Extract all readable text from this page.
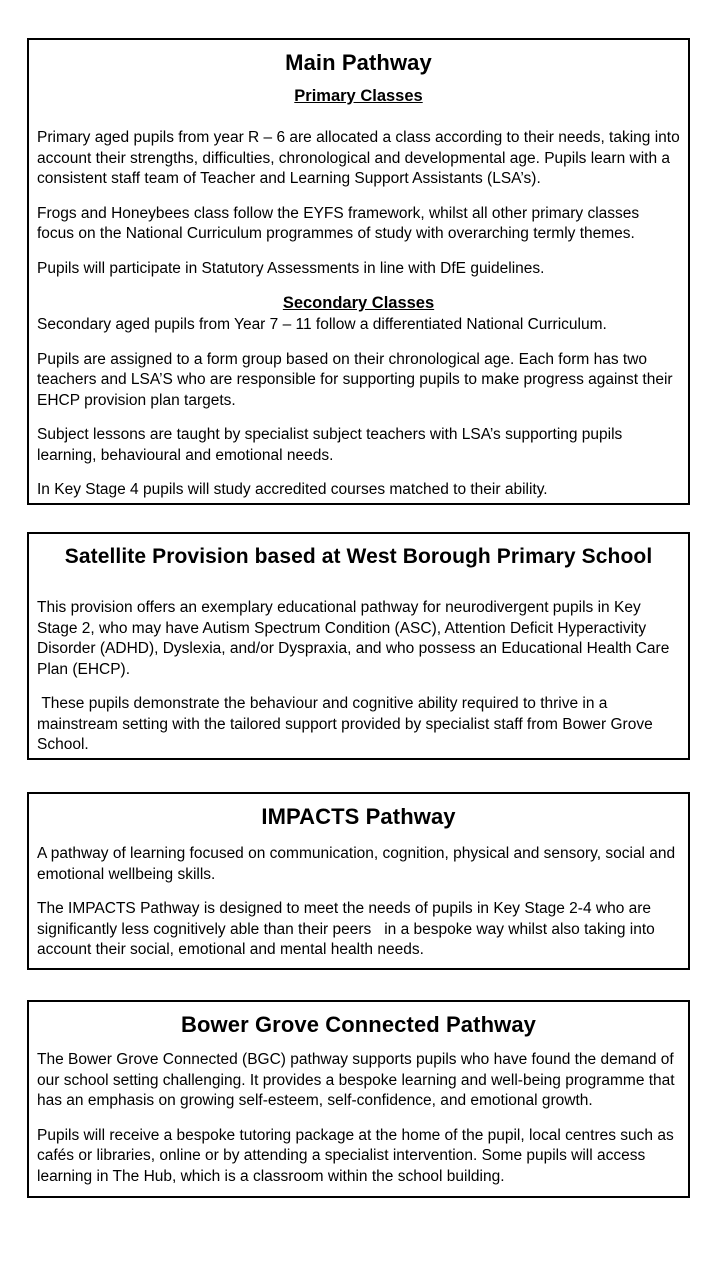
Main Pathway
Primary Classes

Primary aged pupils from year R – 6 are allocated a class according to their needs, taking into account their strengths, difficulties, chronological and developmental age. Pupils learn with a consistent staff team of Teacher and Learning Support Assistants (LSA’s).

Frogs and Honeybees class follow the EYFS framework, whilst all other primary classes focus on the National Curriculum programmes of study with overarching termly themes.

Pupils will participate in Statutory Assessments in line with DfE guidelines.

Secondary Classes

Secondary aged pupils from Year 7 – 11 follow a differentiated National Curriculum.

Pupils are assigned to a form group based on their chronological age. Each form has two teachers and LSA’S who are responsible for supporting pupils to make progress against their EHCP provision plan targets.

Subject lessons are taught by specialist subject teachers with LSA’s supporting pupils learning, behavioural and emotional needs.

In Key Stage 4 pupils will study accredited courses matched to their ability.

Satellite Provision based at West Borough Primary School

This provision offers an exemplary educational pathway for neurodivergent pupils in Key Stage 2, who may have Autism Spectrum Condition (ASC), Attention Deficit Hyperactivity Disorder (ADHD), Dyslexia, and/or Dyspraxia, and who possess an Educational Health Care Plan (EHCP).

These pupils demonstrate the behaviour and cognitive ability required to thrive in a mainstream setting with the tailored support provided by specialist staff from Bower Grove School.

IMPACTS Pathway

A pathway of learning focused on communication, cognition, physical and sensory, social and emotional wellbeing skills.

The IMPACTS Pathway is designed to meet the needs of pupils in Key Stage 2-4 who are significantly less cognitively able than their peers   in a bespoke way whilst also taking into account their social, emotional and mental health needs.

Bower Grove Connected Pathway

The Bower Grove Connected (BGC) pathway supports pupils who have found the demand of our school setting challenging. It provides a bespoke learning and well-being programme that has an emphasis on growing self-esteem, self-confidence, and emotional growth.

Pupils will receive a bespoke tutoring package at the home of the pupil, local centres such as cafés or libraries, online or by attending a specialist intervention. Some pupils will access learning in The Hub, which is a classroom within the school building.
